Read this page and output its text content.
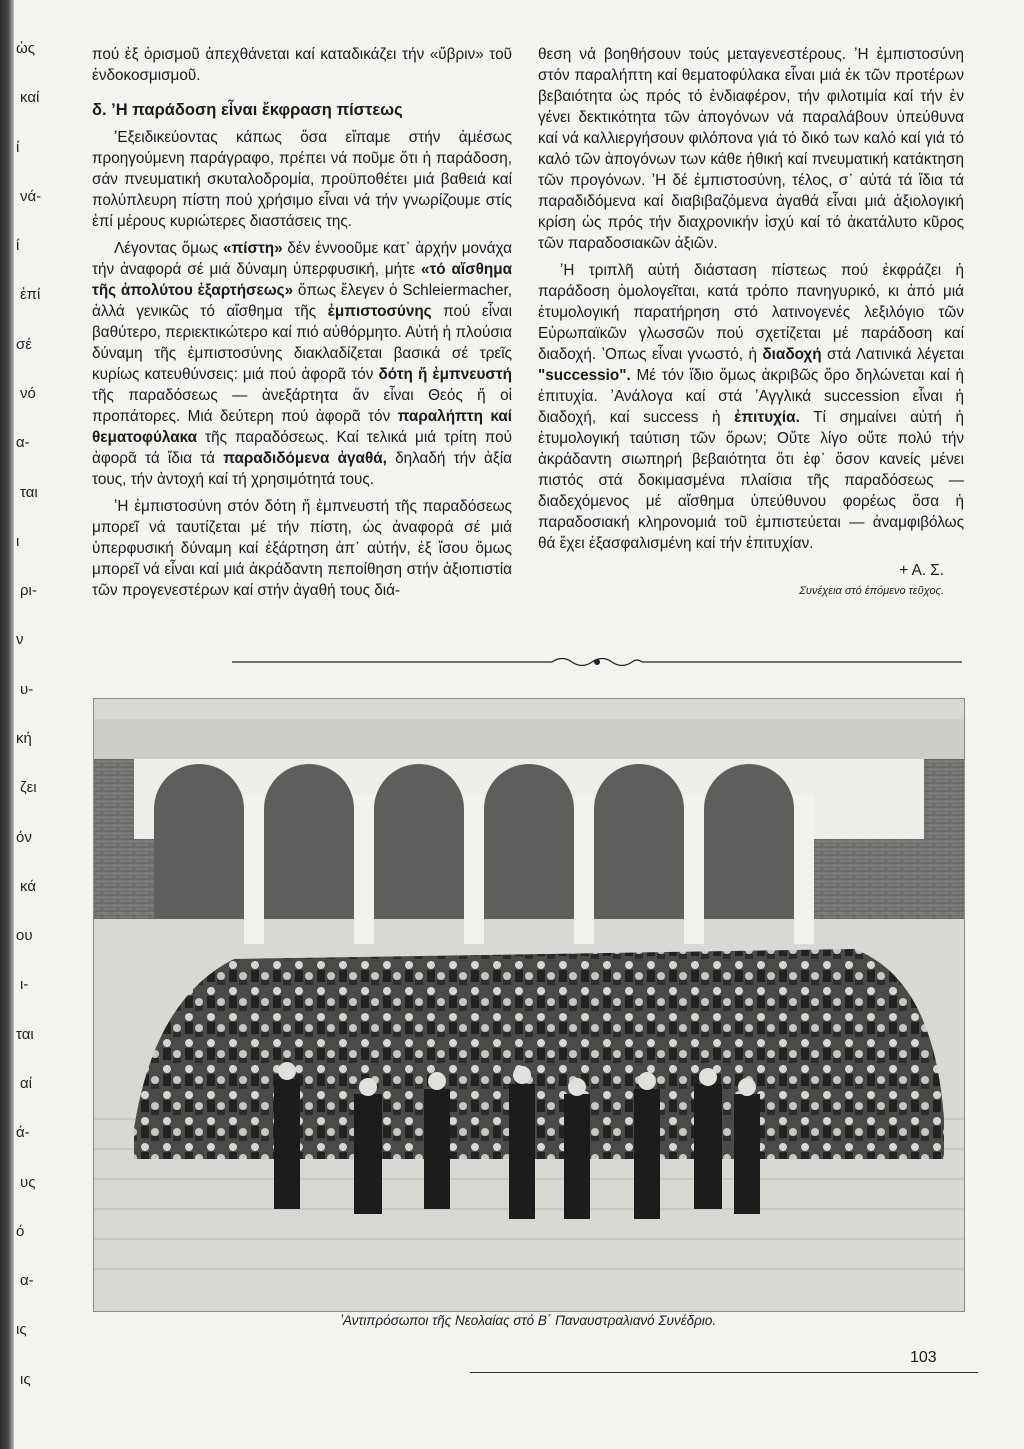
ὡς
καί
ί
νά-
ί
ἐπί
σέ
νό
α-
ται
ι
ρι-
ν
υ-
κή
ζει
όν
κά
ου
ι-
ται
αί
ά-
υς
ό
α-
ις
ις

πού ἐξ ὁρισμοῦ ἀπεχθάνεται καί καταδικάζει τήν «ὕβριν» τοῦ ἐνδοκοσμισμοῦ.

δ. ʼΗ παράδοση εἶναι ἔκφραση πίστεως

ʼΕξειδικεύοντας κάπως ὅσα εἴπαμε στήν ἀμέσως προηγούμενη παράγραφο, πρέπει νά ποῦμε ὅτι ἡ παράδοση, σάν πνευματική σκυταλοδρομία, προϋποθέτει μιά βαθειά καί πολύπλευρη πίστη πού χρήσιμο εἶναι νά τήν γνωρίζουμε στίς ἐπί μέρους κυριώτερες διαστάσεις της.

Λέγοντας ὅμως «πίστη» δέν ἐννοοῦμε κατ᾽ ἀρχήν μονάχα τήν ἀναφορά σέ μιά δύναμη ὑπερφυσική, μήτε «τό αἴσθημα τῆς ἀπολύτου ἐξαρτήσεως» ὅπως ἔλεγεν ὁ Schleiermacher, ἀλλά γενικῶς τό αἴσθημα τῆς ἐμπιστοσύνης πού εἶναι βαθύτερο, περιεκτικώτερο καί πιό αὐθόρμητο. Αὐτή ἡ πλούσια δύναμη τῆς ἐμπιστοσύνης διακλαδίζεται βασικά σέ τρεῖς κυρίως κατευθύνσεις: μιά πού ἀφορᾶ τόν δότη ἤ ἐμπνευστή τῆς παραδόσεως — ἀνεξάρτητα ἄν εἶναι Θεός ἤ οἱ προπάτορες. Μιά δεύτερη πού ἀφορᾶ τόν παραλήπτη καί θεματοφύλακα τῆς παραδόσεως. Καί τελικά μιά τρίτη πού ἀφορᾶ τά ἴδια τά παραδιδόμενα ἀγαθά, δηλαδή τήν ἀξία τους, τήν ἀντοχή καί τή χρησιμότητά τους.

ʼΗ ἐμπιστοσύνη στόν δότη ἤ ἐμπνευστή τῆς παραδόσεως μπορεῖ νά ταυτίζεται μέ τήν πίστη, ὡς ἀναφορά σέ μιά ὑπερφυσική δύναμη καί ἐξάρτηση ἀπ᾽ αὐτήν, ἐξ ἴσου ὅμως μπορεῖ νά εἶναι καί μιά ἀκράδαντη πεποίθηση στήν ἀξιοπιστία τῶν προγενεστέρων καί στήν ἀγαθή τους διά-

θεση νά βοηθήσουν τούς μεταγενεστέρους. ʼΗ ἐμπιστοσύνη στόν παραλήπτη καί θεματοφύλακα εἶναι μιά ἐκ τῶν προτέρων βεβαιότητα ὡς πρός τό ἐνδιαφέρον, τήν φιλοτιμία καί τήν ἐν γένει δεκτικότητα τῶν ἀπογόνων νά παραλάβουν ὑπεύθυνα καί νά καλλιεργήσουν φιλόπονα γιά τό δικό των καλό καί γιά τό καλό τῶν ἀπογόνων των κάθε ἠθική καί πνευματική κατάκτηση τῶν προγόνων. ʼΗ δέ ἐμπιστοσύνη, τέλος, σ᾽ αὐτά τά ἴδια τά παραδιδόμενα καί διαβιβαζόμενα ἀγαθά εἶναι μιά ἀξιολογική κρίση ὡς πρός τήν διαχρονικήν ἰσχύ καί τό ἀκατάλυτο κῦρος τῶν παραδοσιακῶν ἀξιῶν.

ʼΗ τριπλῆ αὐτή διάσταση πίστεως πού ἐκφράζει ἡ παράδοση ὁμολογεῖται, κατά τρόπο πανηγυρικό, κι ἀπό μιά ἐτυμολογική παρατήρηση στό λατινογενές λεξιλόγιο τῶν Εὐρωπαϊκῶν γλωσσῶν πού σχετίζεται μέ παράδοση καί διαδοχή. ʼΟπως εἶναι γνωστό, ἡ διαδοχή στά Λατινικά λέγεται "successio". Μέ τόν ἴδιο ὅμως ἀκριβῶς ὅρο δηλώνεται καί ἡ ἐπιτυχία. ʼΑνάλογα καί στά ʼΑγγλικά succession εἶναι ἡ διαδοχή, καί success ἡ ἐπιτυχία. Τί σημαίνει αὐτή ἡ ἐτυμολογική ταύτιση τῶν ὅρων; Οὔτε λίγο οὔτε πολύ τήν ἀκράδαντη σιωπηρή βεβαιότητα ὅτι ἐφ᾽ ὅσον κανείς μένει πιστός στά δοκιμασμένα πλαίσια τῆς παραδόσεως — διαδεχόμενος μέ αἴσθημα ὑπεύθυνου φορέως ὅσα ἡ παραδοσιακή κληρονομιά τοῦ ἐμπιστεύεται — ἀναμφιβόλως θά ἔχει ἐξασφαλισμένη καί τήν ἐπιτυχίαν.

+ Α. Σ.
Συνέχεια στό ἑπόμενο τεῦχος.
ʼΑντιπρόσωποι τῆς Νεολαίας στό Β΄ Παναυστραλιανό Συνέδριο.
103
